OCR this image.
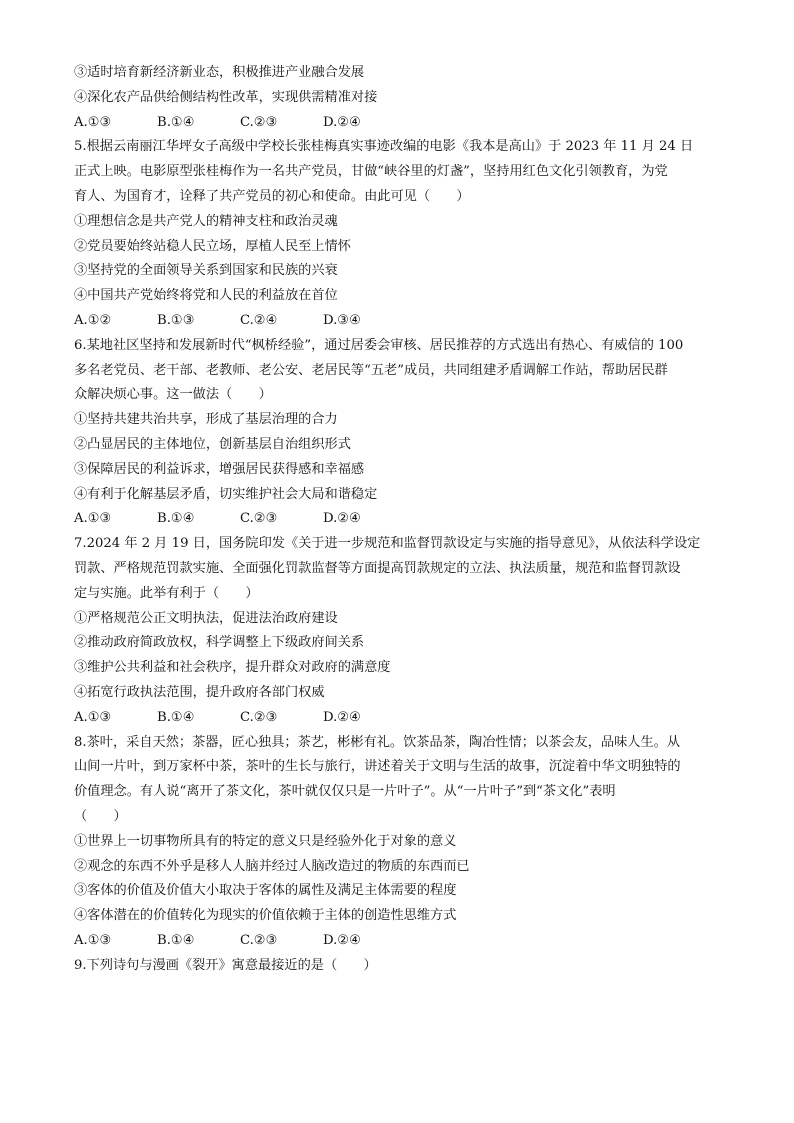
③适时培育新经济新业态，积极推进产业融合发展
④深化农产品供给侧结构性改革，实现供需精准对接
A.①③	B.①④	C.②③	D.②④
5.根据云南丽江华坪女子高级中学校长张桂梅真实事迹改编的电影《我本是高山》于 2023 年 11 月 24 日
正式上映。电影原型张桂梅作为一名共产党员，甘做“峡谷里的灯盏”，坚持用红色文化引领教育，为党
育人、为国育才，诠释了共产党员的初心和使命。由此可见（　　）
①理想信念是共产党人的精神支柱和政治灵魂
②党员要始终站稳人民立场，厚植人民至上情怀
③坚持党的全面领导关系到国家和民族的兴衰
④中国共产党始终将党和人民的利益放在首位
A.①②	B.①③	C.②④	D.③④
6.某地社区坚持和发展新时代“枫桥经验”，通过居委会审核、居民推荐的方式选出有热心、有威信的 100
多名老党员、老干部、老教师、老公安、老居民等“五老”成员，共同组建矛盾调解工作站，帮助居民群
众解决烦心事。这一做法（　　）
①坚持共建共治共享，形成了基层治理的合力
②凸显居民的主体地位，创新基层自治组织形式
③保障居民的利益诉求，增强居民获得感和幸福感
④有利于化解基层矛盾，切实维护社会大局和谐稳定
A.①③	B.①④	C.②③	D.②④
7.2024 年 2 月 19 日，国务院印发《关于进一步规范和监督罚款设定与实施的指导意见》，从依法科学设定
罚款、严格规范罚款实施、全面强化罚款监督等方面提高罚款规定的立法、执法质量，规范和监督罚款设
定与实施。此举有利于（　　）
①严格规范公正文明执法，促进法治政府建设
②推动政府简政放权，科学调整上下级政府间关系
③维护公共利益和社会秩序，提升群众对政府的满意度
④拓宽行政执法范围，提升政府各部门权威
A.①③	B.①④	C.②③	D.②④
8.茶叶，采自天然；茶器，匠心独具；茶艺，彬彬有礼。饮茶品茶，陶冶性情；以茶会友，品味人生。从
山间一片叶，到万家杯中茶，茶叶的生长与旅行，讲述着关于文明与生活的故事，沉淀着中华文明独特的
价值理念。有人说“离开了茶文化，茶叶就仅仅只是一片叶子”。从“一片叶子”到“茶文化”表明
（　　）
①世界上一切事物所具有的特定的意义只是经验外化于对象的意义
②观念的东西不外乎是移人人脑并经过人脑改造过的物质的东西而已
③客体的价值及价值大小取决于客体的属性及满足主体需要的程度
④客体潜在的价值转化为现实的价值依赖于主体的创造性思维方式
A.①③	B.①④	C.②③	D.②④
9.下列诗句与漫画《裂开》寓意最接近的是（　　）
